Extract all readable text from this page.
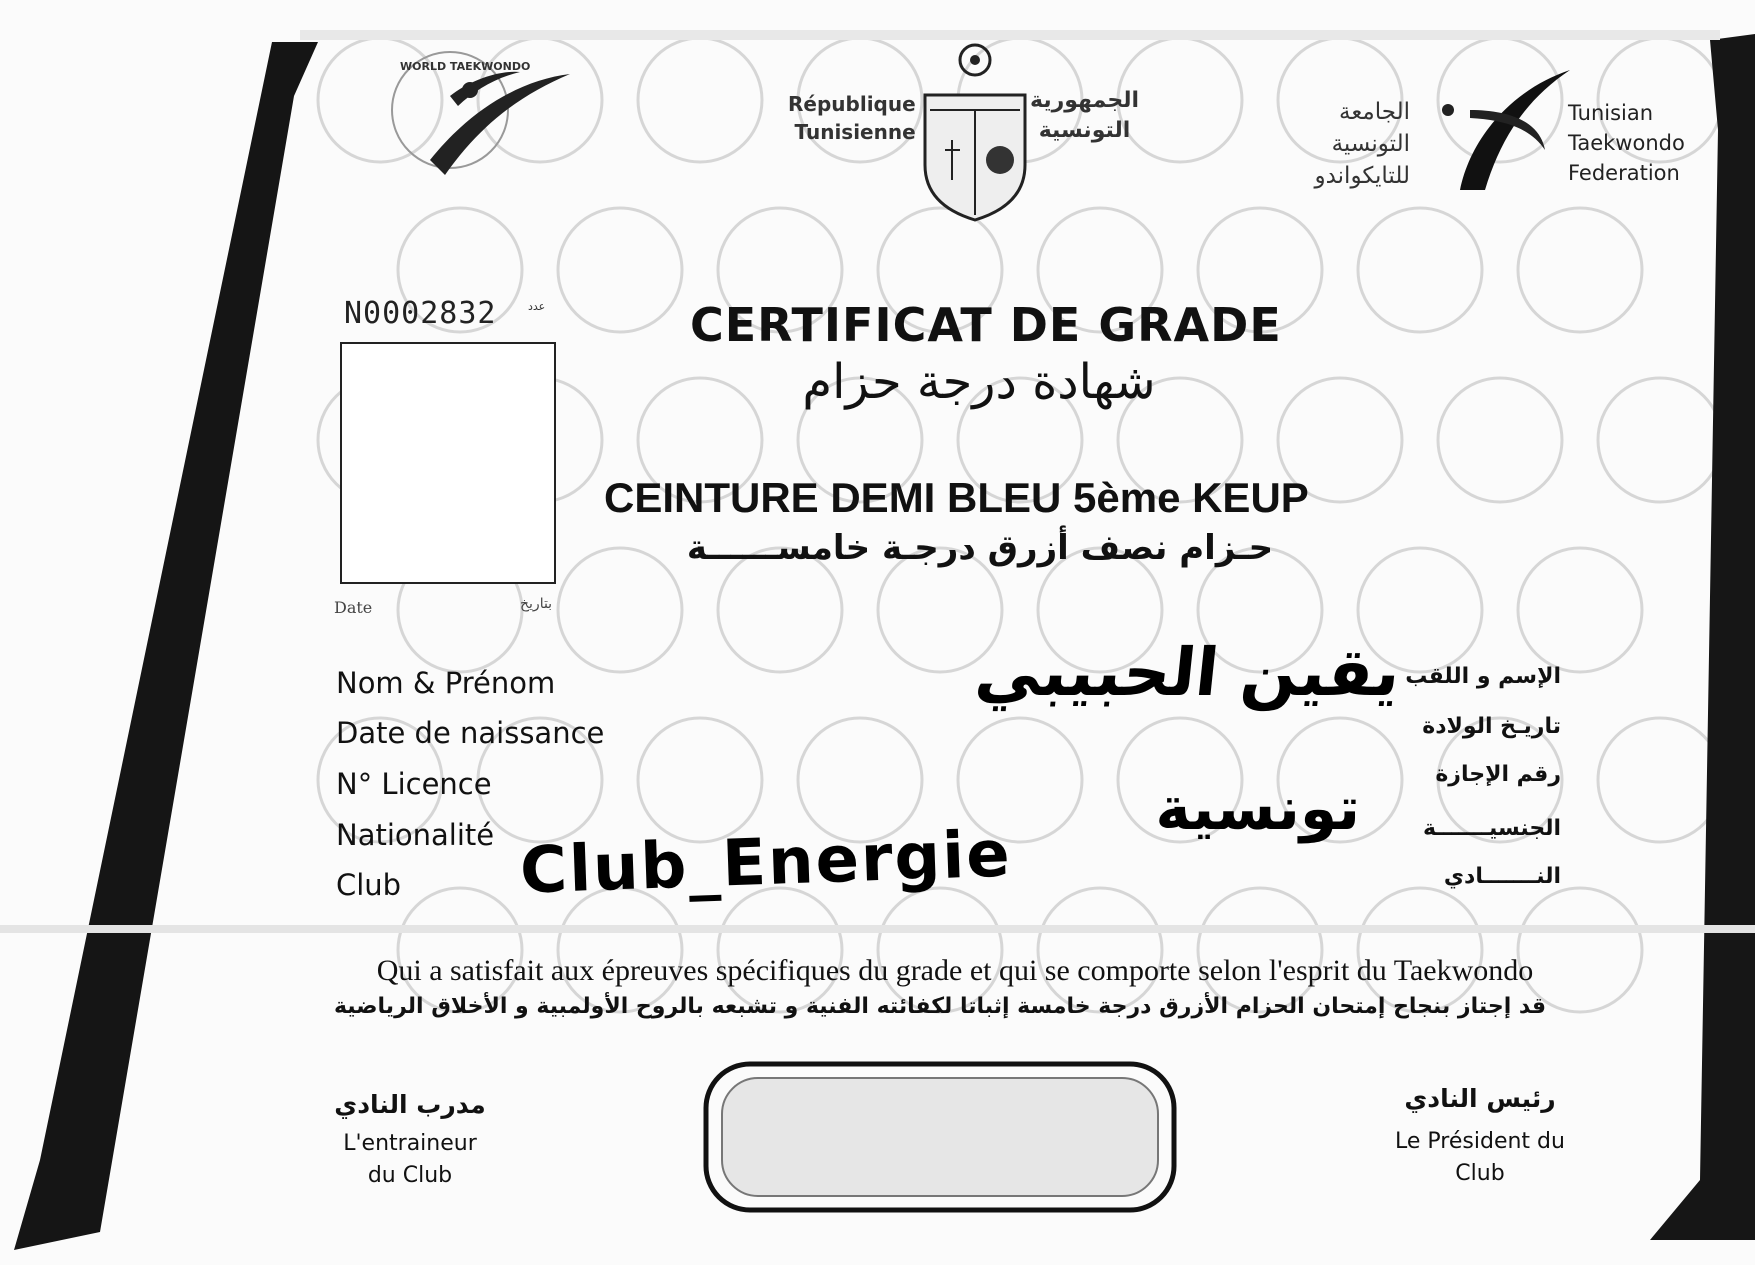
WORLD TAEKWONDO
République
Tunisienne
الجمهورية
التونسية
الجامعة
التونسية
للتايكواندو
Tunisian
Taekwondo
Federation
N0002832	عدد
Date	بتاريخ
CERTIFICAT DE GRADE
شهادة درجة حزام
CEINTURE DEMI BLEU 5ème KEUP
حـزام نصف أزرق درجـة خامســــــة
Nom & Prénom
Date de naissance
N° Licence
Nationalité
Club
الإسم و اللقب
تاريـخ الولادة
رقم الإجازة
الجنسيـــــــة
النـــــــادي
يقين الحبيبي
تونسية
Club_Energie
Qui a satisfait aux épreuves spécifiques du grade et qui se comporte selon l'esprit du Taekwondo
قد إجتاز بنجاح إمتحان الحزام الأزرق درجة خامسة إثباتا لكفائته الفنية و تشبعه بالروح الأولمبية و الأخلاق الرياضية
مدرب النادي
L'entraineur
du Club
رئيس النادي
Le Président du
Club
